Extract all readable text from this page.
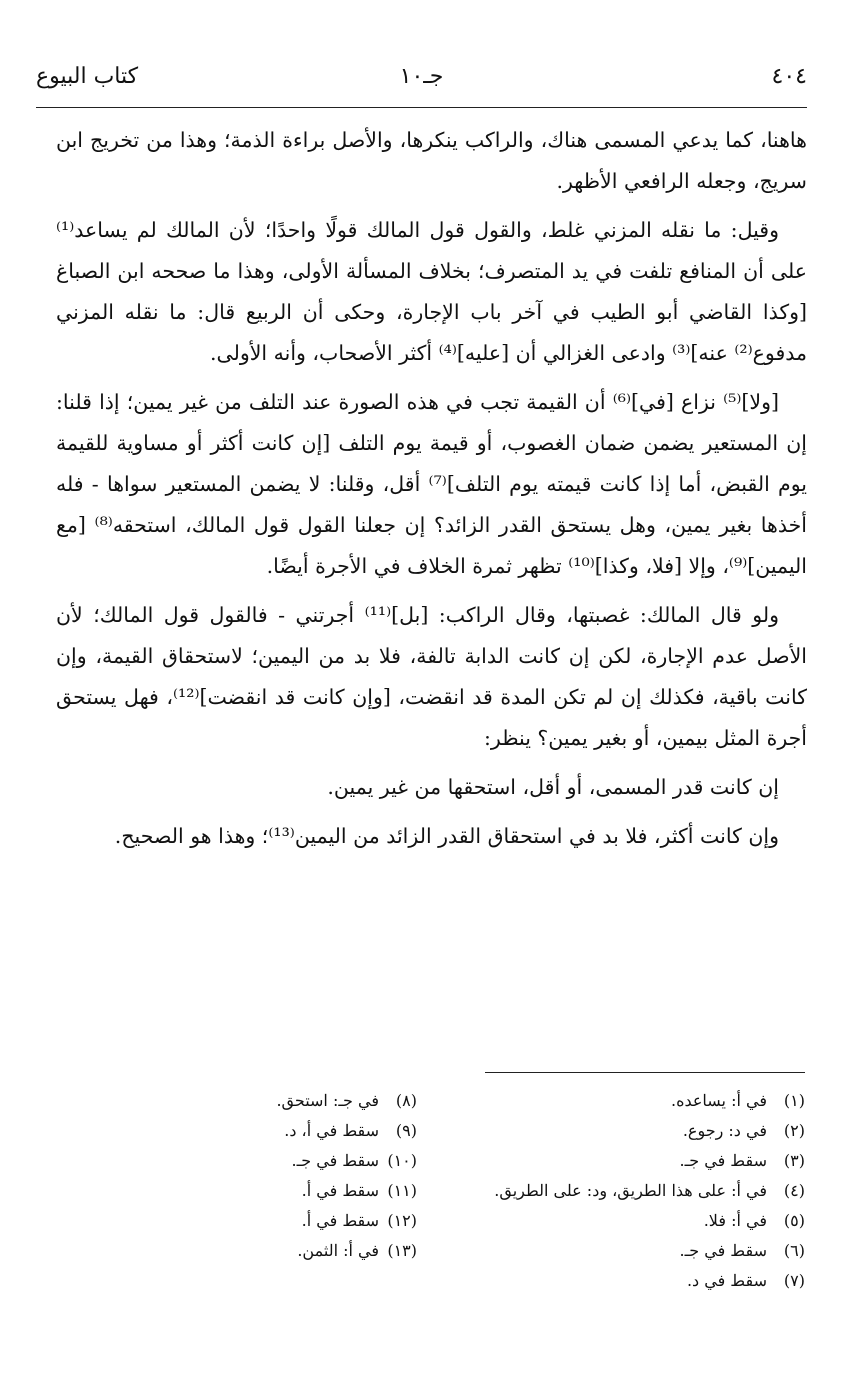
٤٠٤
جـ١٠
كتاب البيوع

هاهنا، كما يدعي المسمى هناك، والراكب ينكرها، والأصل براءة الذمة؛ وهذا من تخريج ابن سريج، وجعله الرافعي الأظهر.

وقيل: ما نقله المزني غلط، والقول قول المالك قولًا واحدًا؛ لأن المالك لم يساعد⁽¹⁾ على أن المنافع تلفت في يد المتصرف؛ بخلاف المسألة الأولى، وهذا ما صححه ابن الصباغ [وكذا القاضي أبو الطيب في آخر باب الإجارة، وحكى أن الربيع قال: ما نقله المزني مدفوع⁽²⁾ عنه]⁽³⁾ وادعى الغزالي أن [عليه]⁽⁴⁾ أكثر الأصحاب، وأنه الأولى.

[ولا]⁽⁵⁾ نزاع [في]⁽⁶⁾ أن القيمة تجب في هذه الصورة عند التلف من غير يمين؛ إذا قلنا: إن المستعير يضمن ضمان الغصوب، أو قيمة يوم التلف [إن كانت أكثر أو مساوية للقيمة يوم القبض، أما إذا كانت قيمته يوم التلف]⁽⁷⁾ أقل، وقلنا: لا يضمن المستعير سواها - فله أخذها بغير يمين، وهل يستحق القدر الزائد؟ إن جعلنا القول قول المالك، استحقه⁽⁸⁾ [مع اليمين]⁽⁹⁾، وإلا [فلا، وكذا]⁽¹⁰⁾ تظهر ثمرة الخلاف في الأجرة أيضًا.

ولو قال المالك: غصبتها، وقال الراكب: [بل]⁽¹¹⁾ أجرتني - فالقول قول المالك؛ لأن الأصل عدم الإجارة، لكن إن كانت الدابة تالفة، فلا بد من اليمين؛ لاستحقاق القيمة، وإن كانت باقية، فكذلك إن لم تكن المدة قد انقضت، [وإن كانت قد انقضت]⁽¹²⁾، فهل يستحق أجرة المثل بيمين، أو بغير يمين؟ ينظر:

إن كانت قدر المسمى، أو أقل، استحقها من غير يمين.

وإن كانت أكثر، فلا بد في استحقاق القدر الزائد من اليمين⁽¹³⁾؛ وهذا هو الصحيح.

(١)في أ: يساعده.
(٢)في د: رجوع.
(٣)سقط في جـ.
(٤)في أ: على هذا الطريق، ود: على الطريق.
(٥)في أ: فلا.
(٦)سقط في جـ.
(٧)سقط في د.
(٨)في جـ: استحق.
(٩)سقط في أ، د.
(١٠)سقط في جـ.
(١١)سقط في أ.
(١٢)سقط في أ.
(١٣)في أ: الثمن.
